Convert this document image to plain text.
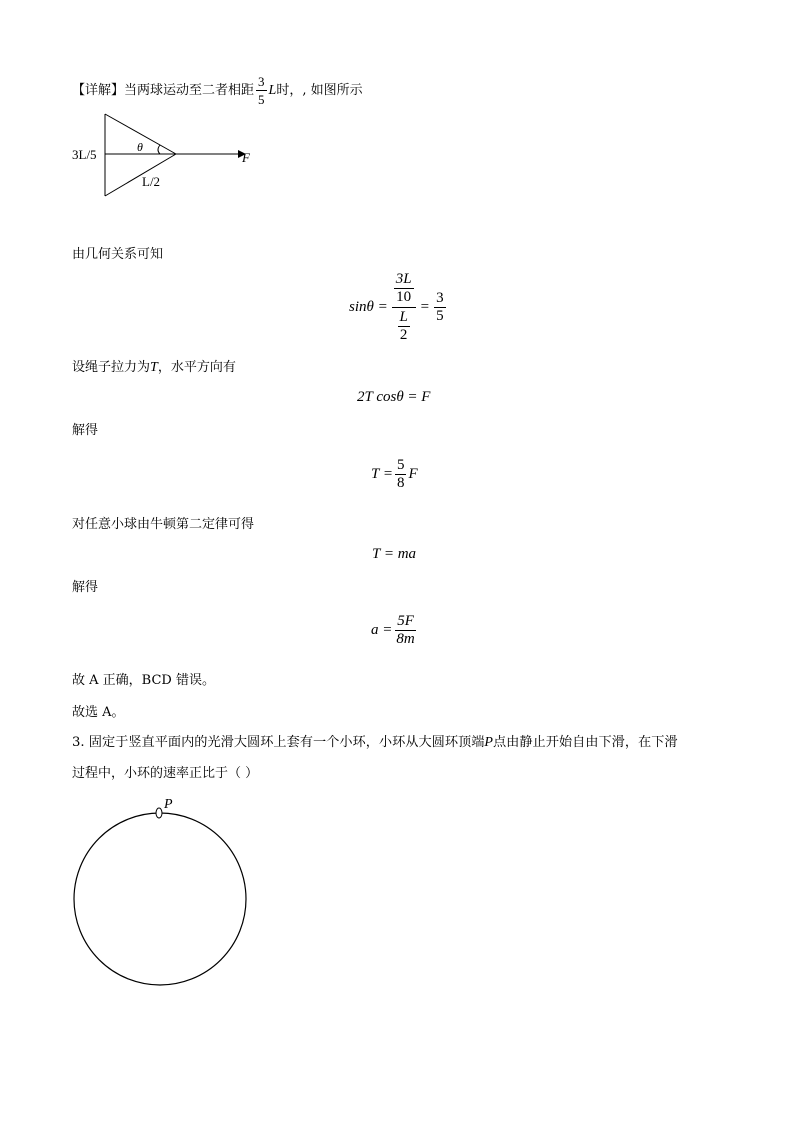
【详解】当两球运动至二者相距 $\frac{3}{5}$ L时，, 如图所示
3L/5	θ
L/2
F
由几何关系可知
$\sin\theta = \frac{\frac{3L}{10}}{\frac{L}{2}} = \frac{3}{5}$
设绳子拉力为T，水平方向有
2T cosθ = F
解得
$T = \frac{5}{8}$ F
对任意小球由牛顿第二定律可得
T = ma
解得
$a = \frac{5F}{8m}$
故 A 正确，BCD 错误。
故选 A。
3. 固定于竖直平面内的光滑大圆环上套有一个小环，小环从大圆环顶端P点由静止开始自由下滑，在下滑
过程中，小环的速率正比于（ ）
P
